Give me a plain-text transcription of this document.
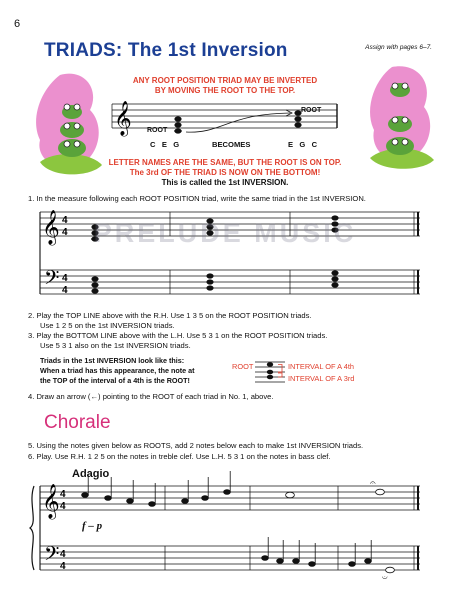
6
Assign with pages 6–7.
TRIADS: The 1st Inversion
ANY ROOT POSITION TRIAD MAY BE INVERTED
BY MOVING THE ROOT TO THE TOP.
𝄞 ROOT
ROOT
C   E   G	BECOMES	E   G   C
LETTER NAMES ARE THE SAME, BUT THE ROOT IS ON TOP.
The 3rd OF THE TRIAD IS NOW ON THE BOTTOM!
This is called the 1st INVERSION.
1. In the measure following each ROOT POSITION triad, write the same triad in the 1st INVERSION.
𝄞
𝄢
4
4
4
4
PRELUDE MUSIC
2. Play the TOP LINE above with the R.H. Use 1 3 5 on the ROOT POSITION triads.
Use 1 2 5 on the 1st INVERSION triads.
3. Play the BOTTOM LINE above with the L.H. Use 5 3 1 on the ROOT POSITION triads.
Use 5 3 1 also on the 1st INVERSION triads.
Triads in the 1st INVERSION look like this:
When a triad has this appearance, the note at
the TOP of the interval of a 4th is the ROOT!
ROOT	INTERVAL OF A 4th
INTERVAL OF A 3rd
4. Draw an arrow (←) pointing to the ROOT of each triad in No. 1, above.
Chorale
5. Using the notes given below as ROOTS, add 2 notes below each to make 1st INVERSION triads.
6. Play. Use R.H. 1 2 5 on the notes in treble clef. Use L.H. 5 3 1 on the notes in bass clef.
Adagio
f – p
𝄞
𝄢
4
4
4
4
𝄐
𝄑
